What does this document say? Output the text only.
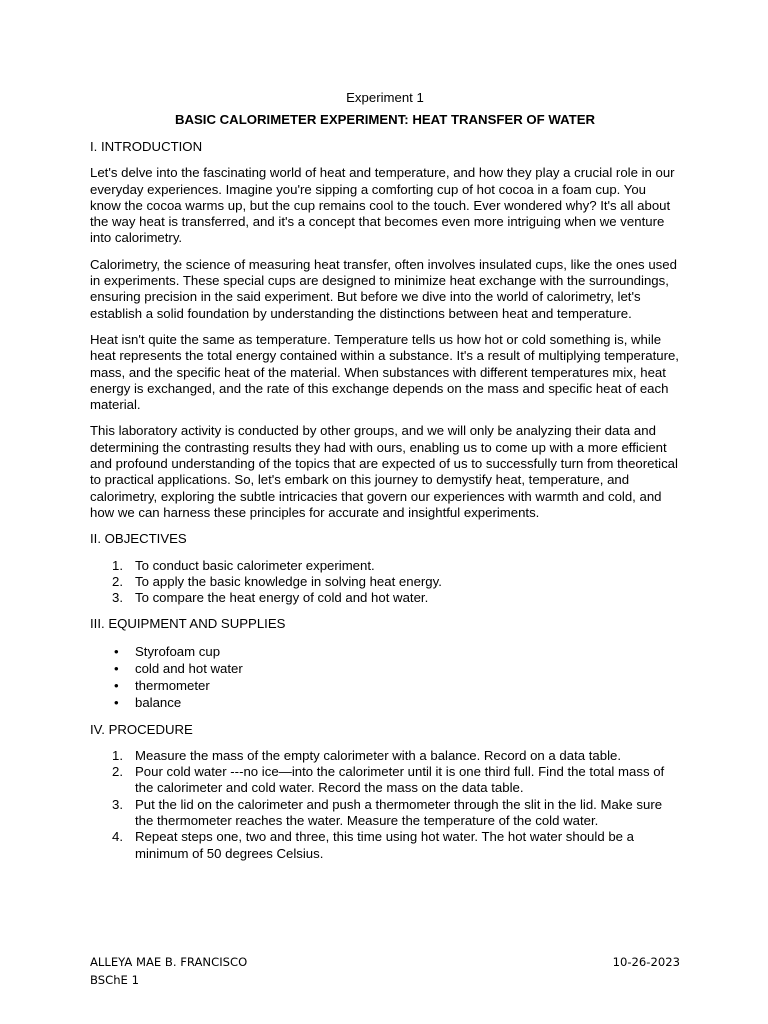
Experiment 1

BASIC CALORIMETER EXPERIMENT: HEAT TRANSFER OF WATER

I. INTRODUCTION

Let's delve into the fascinating world of heat and temperature, and how they play a crucial role in our everyday experiences. Imagine you're sipping a comforting cup of hot cocoa in a foam cup. You know the cocoa warms up, but the cup remains cool to the touch. Ever wondered why? It's all about the way heat is transferred, and it's a concept that becomes even more intriguing when we venture into calorimetry.

Calorimetry, the science of measuring heat transfer, often involves insulated cups, like the ones used in experiments. These special cups are designed to minimize heat exchange with the surroundings, ensuring precision in the said experiment. But before we dive into the world of calorimetry, let's establish a solid foundation by understanding the distinctions between heat and temperature.

Heat isn't quite the same as temperature. Temperature tells us how hot or cold something is, while heat represents the total energy contained within a substance. It's a result of multiplying temperature, mass, and the specific heat of the material. When substances with different temperatures mix, heat energy is exchanged, and the rate of this exchange depends on the mass and specific heat of each material.

This laboratory activity is conducted by other groups, and we will only be analyzing their data and determining the contrasting results they had with ours, enabling us to come up with a more efficient and profound understanding of the topics that are expected of us to successfully turn from theoretical to practical applications. So, let's embark on this journey to demystify heat, temperature, and calorimetry, exploring the subtle intricacies that govern our experiences with warmth and cold, and how we can harness these principles for accurate and insightful experiments.

II. OBJECTIVES

1. To conduct basic calorimeter experiment.
2. To apply the basic knowledge in solving heat energy.
3. To compare the heat energy of cold and hot water.

III. EQUIPMENT AND SUPPLIES

• Styrofoam cup
• cold and hot water
• thermometer
• balance

IV. PROCEDURE

1. Measure the mass of the empty calorimeter with a balance. Record on a data table.
2. Pour cold water ---no ice—into the calorimeter until it is one third full. Find the total mass of the calorimeter and cold water. Record the mass on the data table.
3. Put the lid on the calorimeter and push a thermometer through the slit in the lid. Make sure the thermometer reaches the water. Measure the temperature of the cold water.
4. Repeat steps one, two and three, this time using hot water. The hot water should be a minimum of 50 degrees Celsius.
ALLEYA MAE B. FRANCISCO
BSChE 1
10-26-2023
